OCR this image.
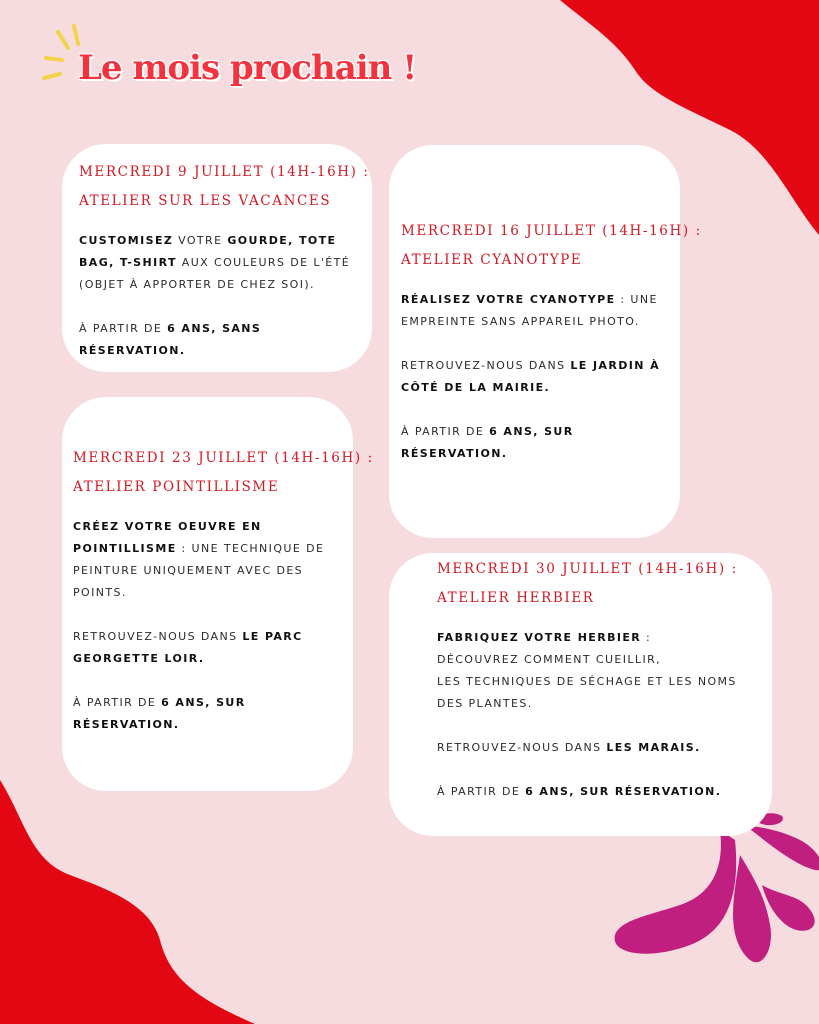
Le mois prochain !
MERCREDI 9 JUILLET (14H-16H) :
ATELIER SUR LES VACANCES

CUSTOMISEZ VOTRE GOURDE, TOTE BAG, T-SHIRT AUX COULEURS DE L'ÉTÉ (OBJET À APPORTER DE CHEZ SOI).

À PARTIR DE 6 ANS, SANS RÉSERVATION.

MERCREDI 16 JUILLET (14H-16H) :
ATELIER CYANOTYPE

RÉALISEZ VOTRE CYANOTYPE : UNE EMPREINTE SANS APPAREIL PHOTO.

RETROUVEZ-NOUS DANS LE JARDIN À CÔTÉ DE LA MAIRIE.

À PARTIR DE 6 ANS, SUR RÉSERVATION.

MERCREDI 23 JUILLET (14H-16H) :
ATELIER POINTILLISME

CRÉEZ VOTRE OEUVRE EN POINTILLISME : UNE TECHNIQUE DE PEINTURE UNIQUEMENT AVEC DES POINTS.

RETROUVEZ-NOUS DANS LE PARC GEORGETTE LOIR.

À PARTIR DE 6 ANS, SUR RÉSERVATION.

MERCREDI 30 JUILLET (14H-16H) :
ATELIER HERBIER

FABRIQUEZ VOTRE HERBIER :
DÉCOUVREZ COMMENT CUEILLIR,
LES TECHNIQUES DE SÉCHAGE ET LES NOMS DES PLANTES.

RETROUVEZ-NOUS DANS LES MARAIS.

À PARTIR DE 6 ANS, SUR RÉSERVATION.
